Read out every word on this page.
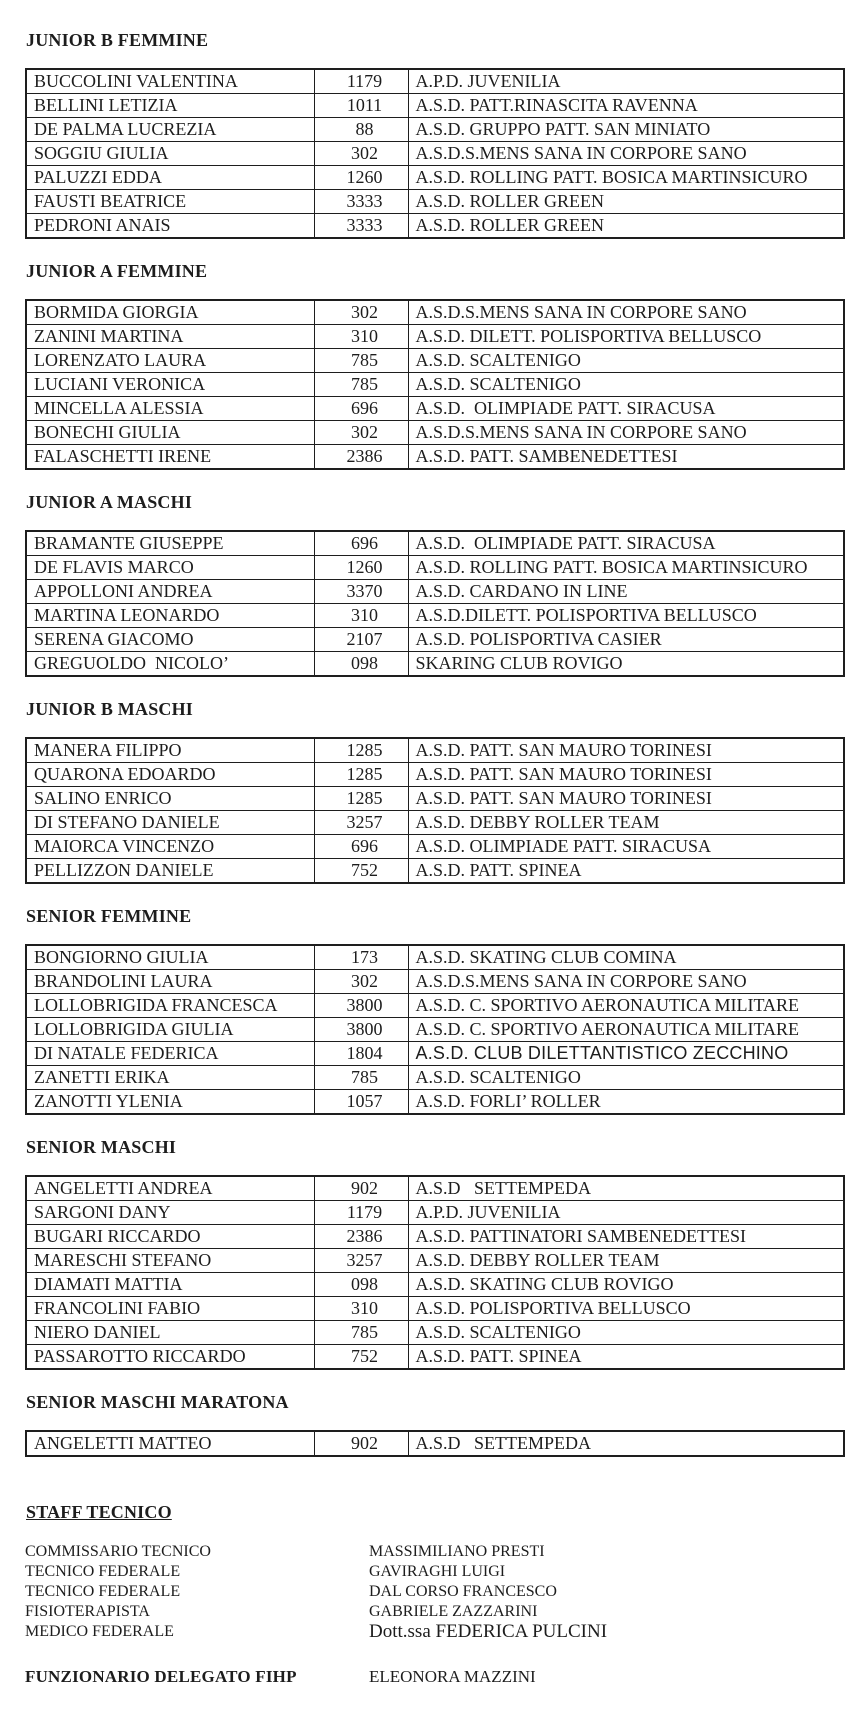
JUNIOR B FEMMINE
BUCCOLINI VALENTINA	1179	A.P.D. JUVENILIA
BELLINI LETIZIA	1011	A.S.D. PATT.RINASCITA RAVENNA
DE PALMA LUCREZIA	88	A.S.D. GRUPPO PATT. SAN MINIATO
SOGGIU GIULIA	302	A.S.D.S.MENS SANA IN CORPORE SANO
PALUZZI EDDA	1260	A.S.D. ROLLING PATT. BOSICA MARTINSICURO
FAUSTI BEATRICE	3333	A.S.D. ROLLER GREEN
PEDRONI ANAIS	3333	A.S.D. ROLLER GREEN
JUNIOR A FEMMINE
BORMIDA GIORGIA	302	A.S.D.S.MENS SANA IN CORPORE SANO
ZANINI MARTINA	310	A.S.D. DILETT. POLISPORTIVA BELLUSCO
LORENZATO LAURA	785	A.S.D. SCALTENIGO
LUCIANI VERONICA	785	A.S.D. SCALTENIGO
MINCELLA ALESSIA	696	A.S.D.  OLIMPIADE PATT. SIRACUSA
BONECHI GIULIA	302	A.S.D.S.MENS SANA IN CORPORE SANO
FALASCHETTI IRENE	2386	A.S.D. PATT. SAMBENEDETTESI
JUNIOR A MASCHI
BRAMANTE GIUSEPPE	696	A.S.D.  OLIMPIADE PATT. SIRACUSA
DE FLAVIS MARCO	1260	A.S.D. ROLLING PATT. BOSICA MARTINSICURO
APPOLLONI ANDREA	3370	A.S.D. CARDANO IN LINE
MARTINA LEONARDO	310	A.S.D.DILETT. POLISPORTIVA BELLUSCO
SERENA GIACOMO	2107	A.S.D. POLISPORTIVA CASIER
GREGUOLDO  NICOLO’	098	SKARING CLUB ROVIGO
JUNIOR B MASCHI
MANERA FILIPPO	1285	A.S.D. PATT. SAN MAURO TORINESI
QUARONA EDOARDO	1285	A.S.D. PATT. SAN MAURO TORINESI
SALINO ENRICO	1285	A.S.D. PATT. SAN MAURO TORINESI
DI STEFANO DANIELE	3257	A.S.D. DEBBY ROLLER TEAM
MAIORCA VINCENZO	696	A.S.D. OLIMPIADE PATT. SIRACUSA
PELLIZZON DANIELE	752	A.S.D. PATT. SPINEA
SENIOR FEMMINE
BONGIORNO GIULIA	173	A.S.D. SKATING CLUB COMINA
BRANDOLINI LAURA	302	A.S.D.S.MENS SANA IN CORPORE SANO
LOLLOBRIGIDA FRANCESCA	3800	A.S.D. C. SPORTIVO AERONAUTICA MILITARE
LOLLOBRIGIDA GIULIA	3800	A.S.D. C. SPORTIVO AERONAUTICA MILITARE
DI NATALE FEDERICA	1804	A.S.D. CLUB DILETTANTISTICO ZECCHINO
ZANETTI ERIKA	785	A.S.D. SCALTENIGO
ZANOTTI YLENIA	1057	A.S.D. FORLI’ ROLLER
SENIOR MASCHI
ANGELETTI ANDREA	902	A.S.D   SETTEMPEDA
SARGONI DANY	1179	A.P.D. JUVENILIA
BUGARI RICCARDO	2386	A.S.D. PATTINATORI SAMBENEDETTESI
MARESCHI STEFANO	3257	A.S.D. DEBBY ROLLER TEAM
DIAMATI MATTIA	098	A.S.D. SKATING CLUB ROVIGO
FRANCOLINI FABIO	310	A.S.D. POLISPORTIVA BELLUSCO
NIERO DANIEL	785	A.S.D. SCALTENIGO
PASSAROTTO RICCARDO	752	A.S.D. PATT. SPINEA
SENIOR MASCHI MARATONA
ANGELETTI MATTEO	902	A.S.D   SETTEMPEDA
STAFF TECNICO
COMMISSARIO TECNICO	MASSIMILIANO PRESTI
TECNICO FEDERALE	GAVIRAGHI LUIGI
TECNICO FEDERALE	DAL CORSO FRANCESCO
FISIOTERAPISTA	GABRIELE ZAZZARINI
MEDICO FEDERALE	Dott.ssa FEDERICA PULCINI
FUNZIONARIO DELEGATO FIHP	ELEONORA MAZZINI
